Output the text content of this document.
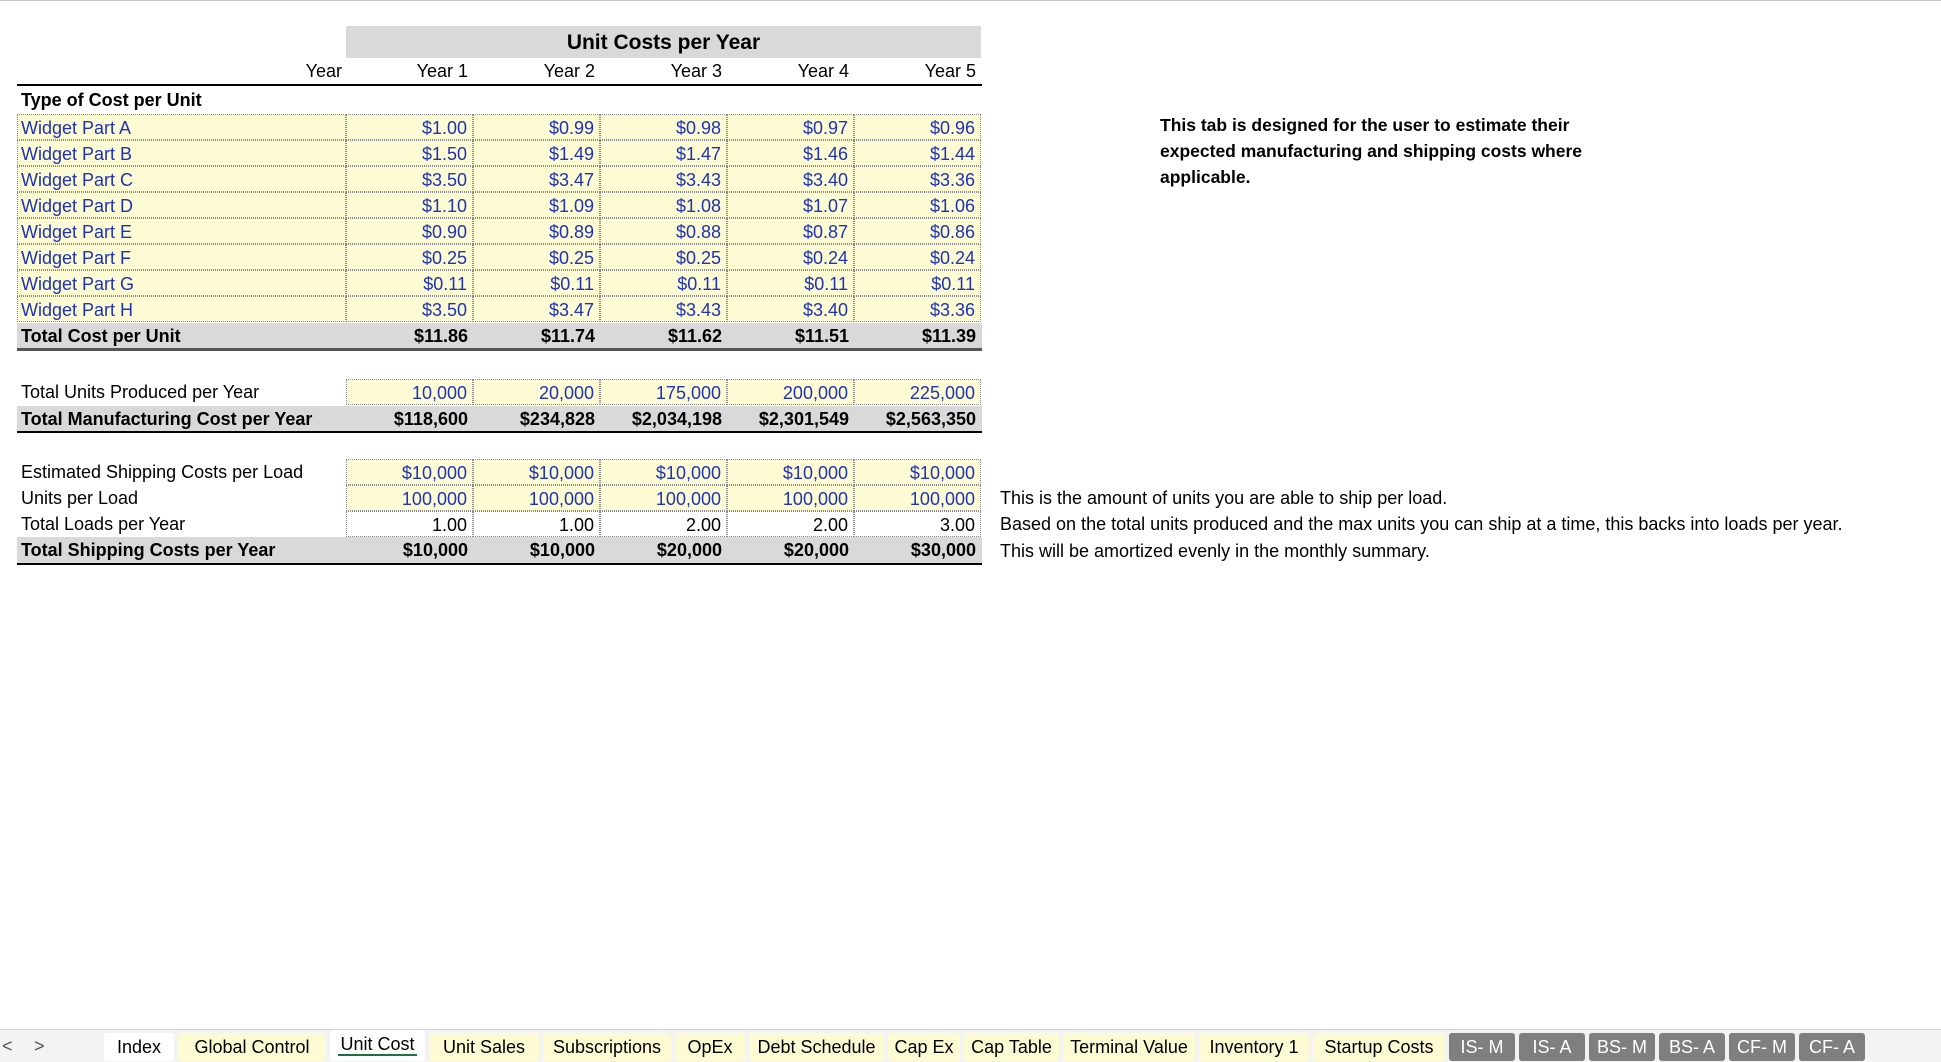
Unit Costs per Year
Year	Year 1	Year 2	Year 3	Year 4	Year 5
Type of Cost per Unit
Widget Part A	$1.00	$0.99	$0.98	$0.97	$0.96
Widget Part B	$1.50	$1.49	$1.47	$1.46	$1.44
Widget Part C	$3.50	$3.47	$3.43	$3.40	$3.36
Widget Part D	$1.10	$1.09	$1.08	$1.07	$1.06
Widget Part E	$0.90	$0.89	$0.88	$0.87	$0.86
Widget Part F	$0.25	$0.25	$0.25	$0.24	$0.24
Widget Part G	$0.11	$0.11	$0.11	$0.11	$0.11
Widget Part H	$3.50	$3.47	$3.43	$3.40	$3.36
Total Cost per Unit	$11.86	$11.74	$11.62	$11.51	$11.39
Total Units Produced per Year	10,000	20,000	175,000	200,000	225,000
Total Manufacturing Cost per Year	$118,600	$234,828	$2,034,198	$2,301,549	$2,563,350
Estimated Shipping Costs per Load	$10,000	$10,000	$10,000	$10,000	$10,000
Units per Load	100,000	100,000	100,000	100,000	100,000
Total Loads per Year	1.00	1.00	2.00	2.00	3.00
Total Shipping Costs per Year	$10,000	$10,000	$20,000	$20,000	$30,000
This is the amount of units you are able to ship per load.
Based on the total units produced and the max units you can ship at a time, this backs into loads per year.
This will be amortized evenly in the monthly summary.
This tab is designed for the user to estimate their expected manufacturing and shipping costs where applicable.
< >	Index	Global Control	Unit Cost	Unit Sales	Subscriptions	OpEx	Debt Schedule	Cap Ex Cap Table	Terminal Value	Inventory 1	Startup Costs	IS- M	IS- A	BS- M	BS- A	CF- M	CF- A
